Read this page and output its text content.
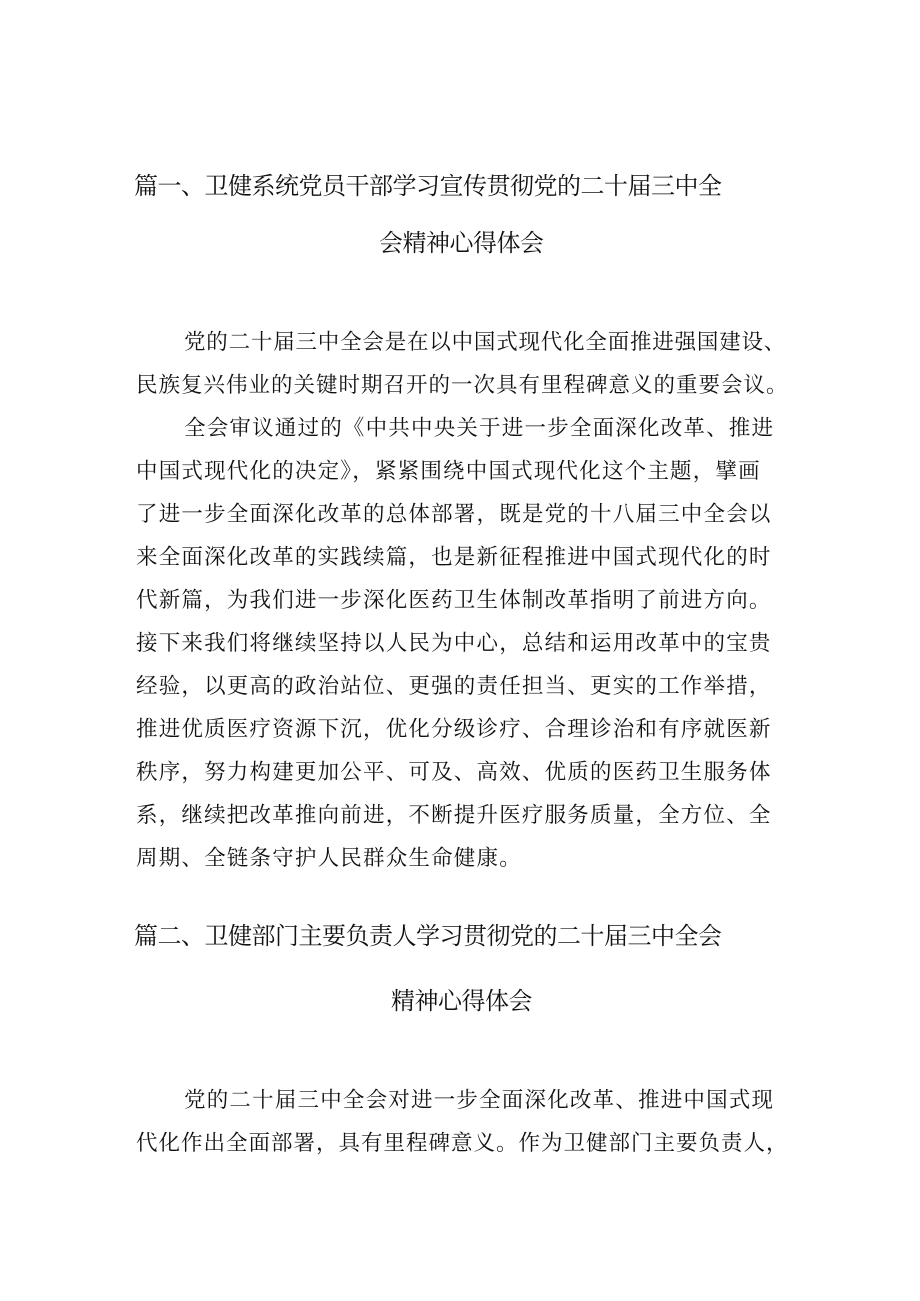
篇一、卫健系统党员干部学习宣传贯彻党的二十届三中全
会精神心得体会
党的二十届三中全会是在以中国式现代化全面推进强国建设、
民族复兴伟业的关键时期召开的一次具有里程碑意义的重要会议。
全会审议通过的《中共中央关于进一步全面深化改革、推进
中国式现代化的决定》，紧紧围绕中国式现代化这个主题，擘画
了进一步全面深化改革的总体部署，既是党的十八届三中全会以
来全面深化改革的实践续篇，也是新征程推进中国式现代化的时
代新篇，为我们进一步深化医药卫生体制改革指明了前进方向。
接下来我们将继续坚持以人民为中心，总结和运用改革中的宝贵
经验，以更高的政治站位、更强的责任担当、更实的工作举措，
推进优质医疗资源下沉，优化分级诊疗、合理诊治和有序就医新
秩序，努力构建更加公平、可及、高效、优质的医药卫生服务体
系，继续把改革推向前进，不断提升医疗服务质量，全方位、全
周期、全链条守护人民群众生命健康。
篇二、卫健部门主要负责人学习贯彻党的二十届三中全会
精神心得体会
党的二十届三中全会对进一步全面深化改革、推进中国式现
代化作出全面部署，具有里程碑意义。作为卫健部门主要负责人，
